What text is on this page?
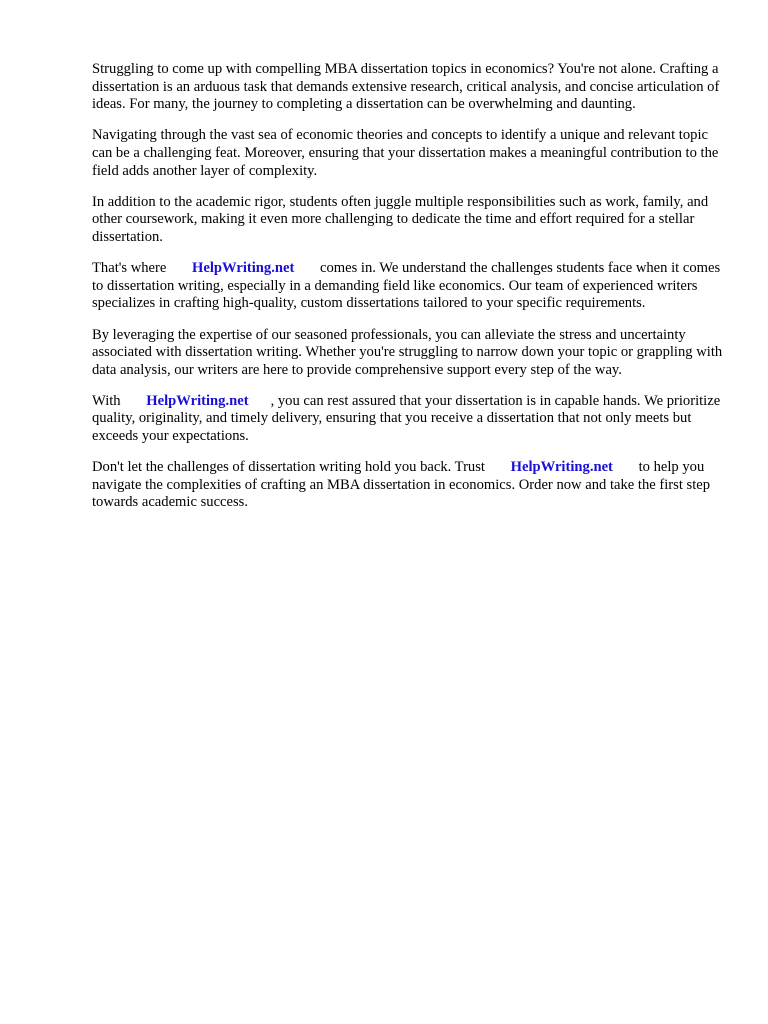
Struggling to come up with compelling MBA dissertation topics in economics? You're not alone. Crafting a dissertation is an arduous task that demands extensive research, critical analysis, and concise articulation of ideas. For many, the journey to completing a dissertation can be overwhelming and daunting.

Navigating through the vast sea of economic theories and concepts to identify a unique and relevant topic can be a challenging feat. Moreover, ensuring that your dissertation makes a meaningful contribution to the field adds another layer of complexity.

In addition to the academic rigor, students often juggle multiple responsibilities such as work, family, and other coursework, making it even more challenging to dedicate the time and effort required for a stellar dissertation.

That's where HelpWriting.net comes in. We understand the challenges students face when it comes to dissertation writing, especially in a demanding field like economics. Our team of experienced writers specializes in crafting high-quality, custom dissertations tailored to your specific requirements.

By leveraging the expertise of our seasoned professionals, you can alleviate the stress and uncertainty associated with dissertation writing. Whether you're struggling to narrow down your topic or grappling with data analysis, our writers are here to provide comprehensive support every step of the way.

With HelpWriting.net , you can rest assured that your dissertation is in capable hands. We prioritize quality, originality, and timely delivery, ensuring that you receive a dissertation that not only meets but exceeds your expectations.

Don't let the challenges of dissertation writing hold you back. Trust HelpWriting.net to help you navigate the complexities of crafting an MBA dissertation in economics. Order now and take the first step towards academic success.
